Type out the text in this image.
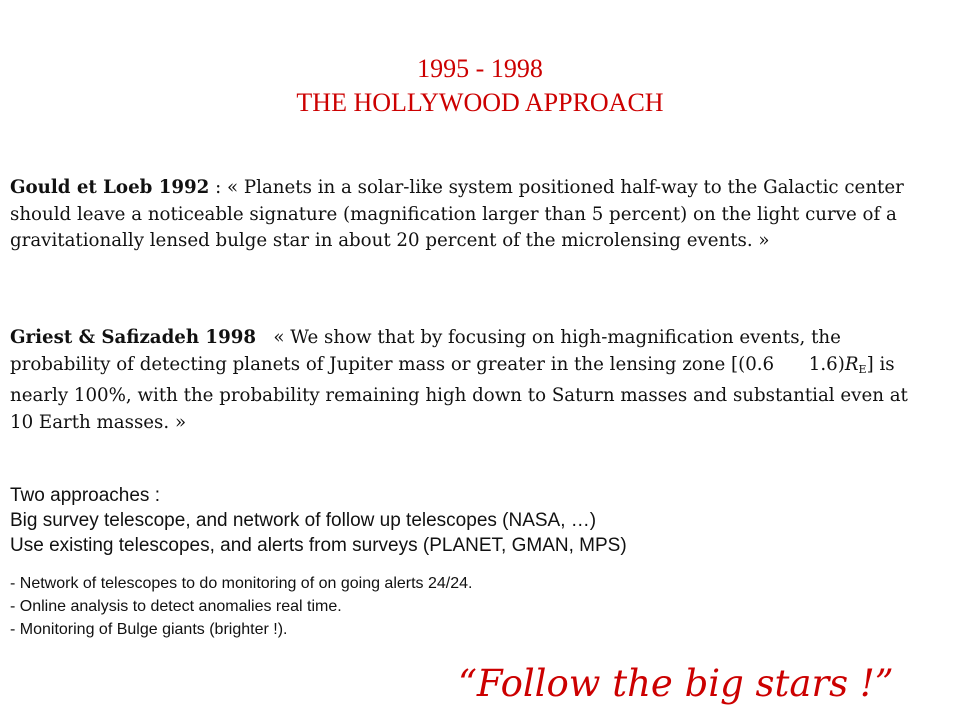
1995 - 1998
THE HOLLYWOOD APPROACH
Gould et Loeb 1992 : « Planets in a solar-like system positioned half-way to the Galactic center should leave a noticeable signature (magnification larger than 5 percent) on the light curve of a gravitationally lensed bulge star in about 20 percent of the microlensing events. »
Griest & Safizadeh 1998   « We show that by focusing on high-magnification events, the probability of detecting planets of Jupiter mass or greater in the lensing zone [(0.6      $1.6)R_E$] is nearly 100%, with the probability remaining high down to Saturn masses and substantial even at 10 Earth masses. »
Two approaches :
Big survey telescope, and network of follow up telescopes (NASA, …)
Use existing telescopes, and alerts from surveys (PLANET, GMAN, MPS)
- Network of telescopes to do monitoring of on going alerts 24/24.
- Online analysis to detect anomalies real time.
- Monitoring of Bulge giants (brighter !).
“Follow the big stars !”
